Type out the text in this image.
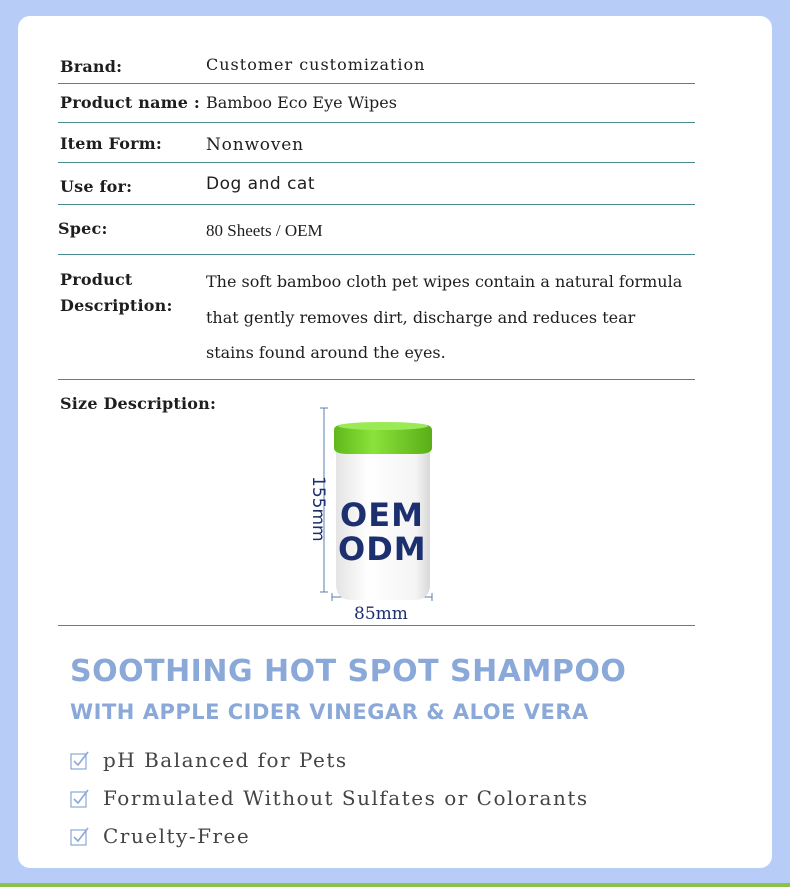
Brand:	Customer customization
Product name : Bamboo Eco Eye Wipes
Item Form:	Nonwoven
Use for:	Dog and cat
Spec:	80 Sheets / OEM
Product
Description:
The soft bamboo cloth pet wipes contain a natural formula that gently removes dirt, discharge and reduces tear stains found around the eyes.
Size Description:
155mm
85mm
OEM
ODM
SOOTHING HOT SPOT SHAMPOO
WITH APPLE CIDER VINEGAR & ALOE VERA
pH Balanced for Pets
Formulated Without Sulfates or Colorants
Cruelty-Free
